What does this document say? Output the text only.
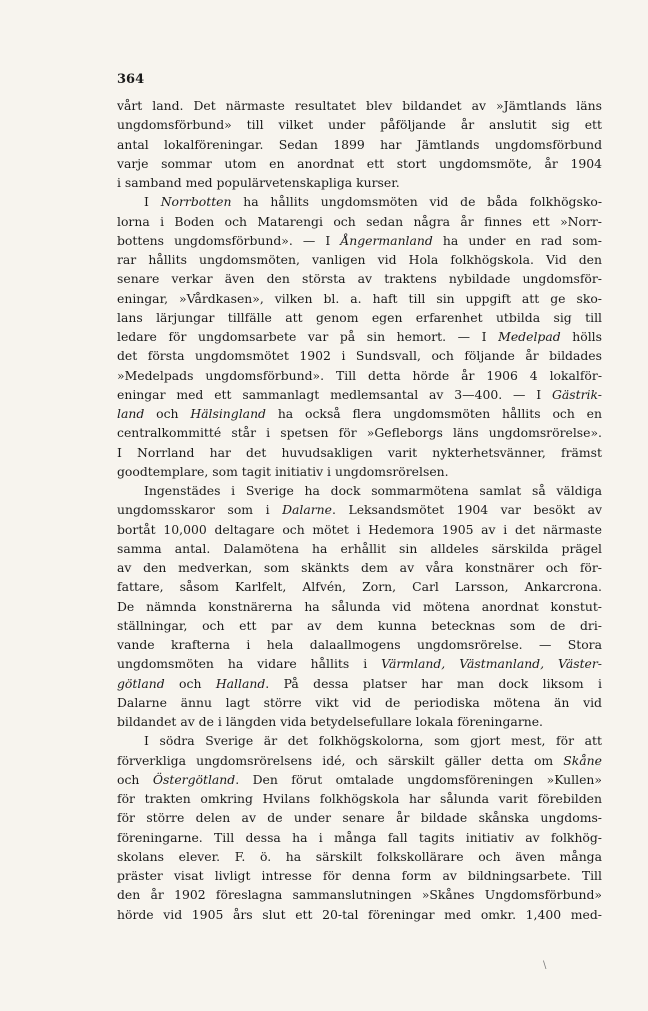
364
vårt land. Det närmaste resultatet blev bildandet av »Jämtlands läns
ungdomsförbund» till vilket under påföljande år anslutit sig ett
antal lokalföreningar. Sedan 1899 har Jämtlands ungdomsförbund
varje sommar utom en anordnat ett stort ungdomsmöte, år 1904
i samband med populärvetenskapliga kurser.
I Norrbotten ha hållits ungdomsmöten vid de båda folkhögsko-
lorna i Boden och Matarengi och sedan några år finnes ett »Norr-
bottens ungdomsförbund». — I Ångermanland ha under en rad som-
rar hållits ungdomsmöten, vanligen vid Hola folkhögskola. Vid den
senare verkar även den största av traktens nybildade ungdomsför-
eningar, »Vårdkasen», vilken bl. a. haft till sin uppgift att ge sko-
lans lärjungar tillfälle att genom egen erfarenhet utbilda sig till
ledare för ungdomsarbete var på sin hemort. — I Medelpad hölls
det första ungdomsmötet 1902 i Sundsvall, och följande år bildades
»Medelpads ungdomsförbund». Till detta hörde år 1906 4 lokalför-
eningar med ett sammanlagt medlemsantal av 3—400. — I Gästrik-
land och Hälsingland ha också flera ungdomsmöten hållits och en
centralkommitté står i spetsen för »Gefleborgs läns ungdomsrörelse».
I Norrland har det huvudsakligen varit nykterhetsvänner, främst
goodtemplare, som tagit initiativ i ungdomsrörelsen.
Ingenstädes i Sverige ha dock sommarmötena samlat så väldiga
ungdomsskaror som i Dalarne. Leksandsmötet 1904 var besökt av
bortåt 10,000 deltagare och mötet i Hedemora 1905 av i det närmaste
samma antal. Dalamötena ha erhållit sin alldeles särskilda prägel
av den medverkan, som skänkts dem av våra konstnärer och för-
fattare, såsom Karlfelt, Alfvén, Zorn, Carl Larsson, Ankarcrona.
De nämnda konstnärerna ha sålunda vid mötena anordnat konstut-
ställningar, och ett par av dem kunna betecknas som de dri-
vande krafterna i hela dalaallmogens ungdomsrörelse. — Stora
ungdomsmöten ha vidare hållits i Värmland, Västmanland, Väster-
götland och Halland. På dessa platser har man dock liksom i
Dalarne ännu lagt större vikt vid de periodiska mötena än vid
bildandet av de i längden vida betydelsefullare lokala föreningarne.
I södra Sverige är det folkhögskolorna, som gjort mest, för att
förverkliga ungdomsrörelsens idé, och särskilt gäller detta om Skåne
och Östergötland. Den förut omtalade ungdomsföreningen »Kullen»
för trakten omkring Hvilans folkhögskola har sålunda varit förebilden
för större delen av de under senare år bildade skånska ungdoms-
föreningarne. Till dessa ha i många fall tagits initiativ av folkhög-
skolans elever. F. ö. ha särskilt folkskollärare och även många
präster visat livligt intresse för denna form av bildningsarbete. Till
den år 1902 föreslagna sammanslutningen »Skånes Ungdomsförbund»
hörde vid 1905 års slut ett 20-tal föreningar med omkr. 1,400 med-
\
